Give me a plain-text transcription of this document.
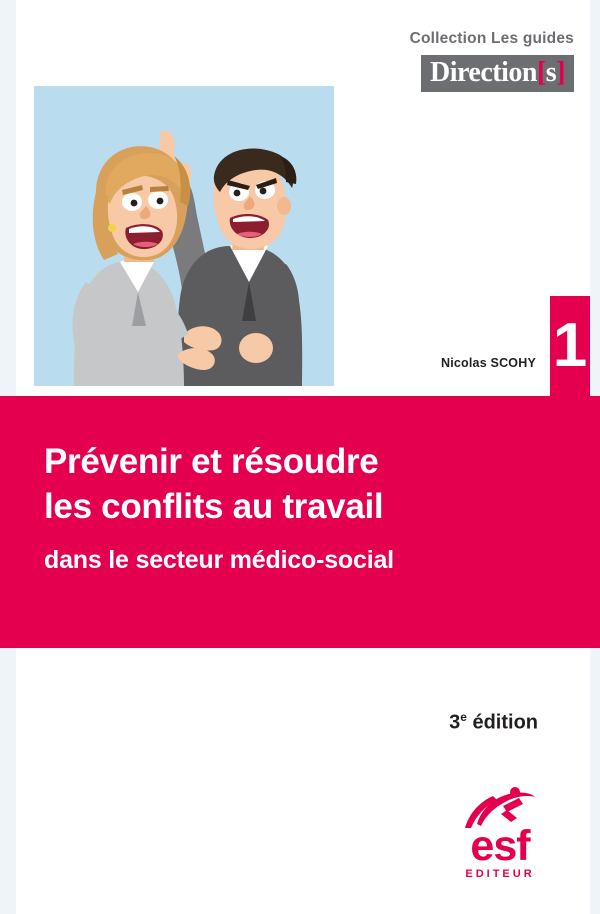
Collection Les guides
Direction[s]
Nicolas SCOHY 1
Prévenir et résoudre
les conflits au travail
dans le secteur médico-social
3e édition
esf
EDITEUR
